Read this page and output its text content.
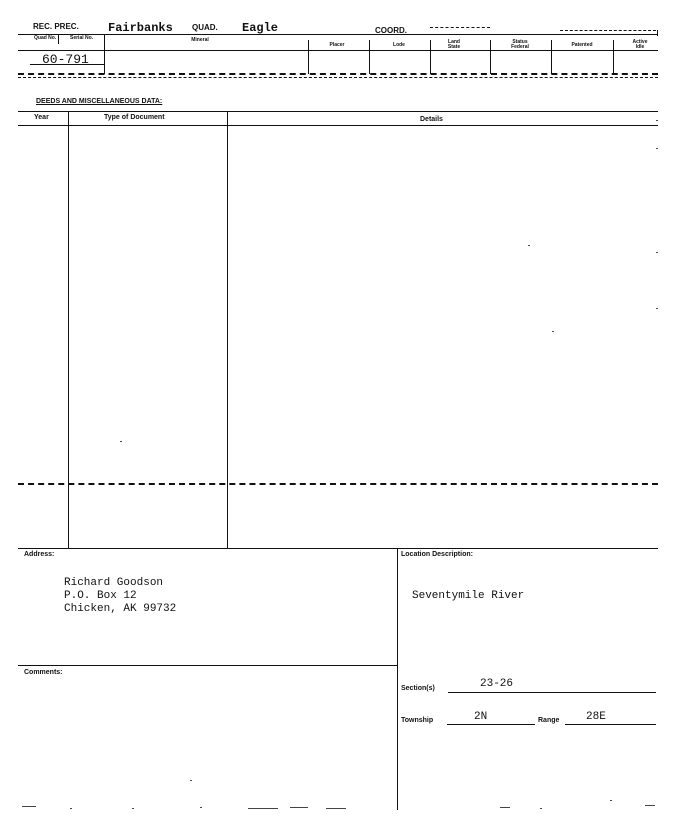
REC. PREC. Fairbanks QUAD. Eagle	COORD.
Quad No.	Serial No.	Mineral
Placer	Lode	Land State
Status Federal	Patented	Active Idle
60-791
DEEDS AND MISCELLANEOUS DATA:
Year	Type of Document	Details
Address:
Richard Goodson
P.O. Box 12
Chicken, AK 99732
Location Description:
Seventymile River
Comments:
Section(s)	23-26
Township	2N	Range 28E
